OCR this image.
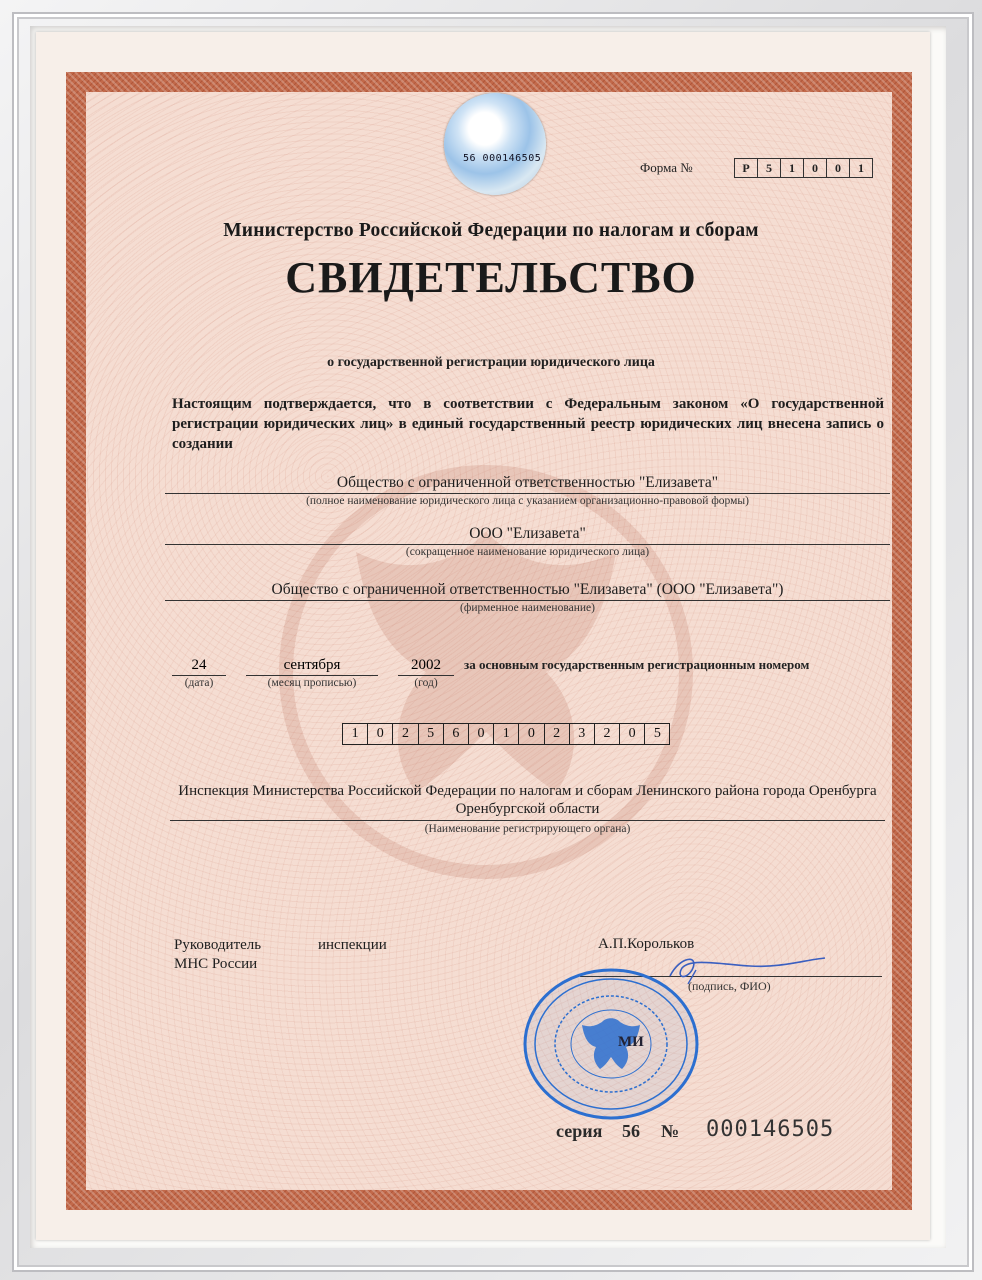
56 000146505
Форма №	Р	5	1	0	0	1
Министерство Российской Федерации по налогам и сборам
СВИДЕТЕЛЬСТВО
о государственной регистрации юридического лица
Настоящим подтверждается, что в соответствии с Федеральным законом «О государственной регистрации юридических лиц» в единый государственный реестр юридических лиц внесена запись о создании
Общество с ограниченной ответственностью "Елизавета"
(полное наименование юридического лица с указанием организационно-правовой формы)
ООО "Елизавета"
(сокращенное наименование юридического лица)
Общество с ограниченной ответственностью "Елизавета" (ООО "Елизавета")
(фирменное наименование)
24
(дата)
сентября
(месяц прописью)
2002
(год)
за основным государственным регистрационным номером
1	0	2	5	6	0	1	0	2	3	2	0	5
Инспекция Министерства Российской Федерации по налогам и сборам Ленинского района города Оренбурга Оренбургской области
(Наименование регистрирующего органа)
Руководитель	инспекции
МНС России
А.П.Корольков
(подпись, ФИО)
МИ
серия 56 № 000146505
